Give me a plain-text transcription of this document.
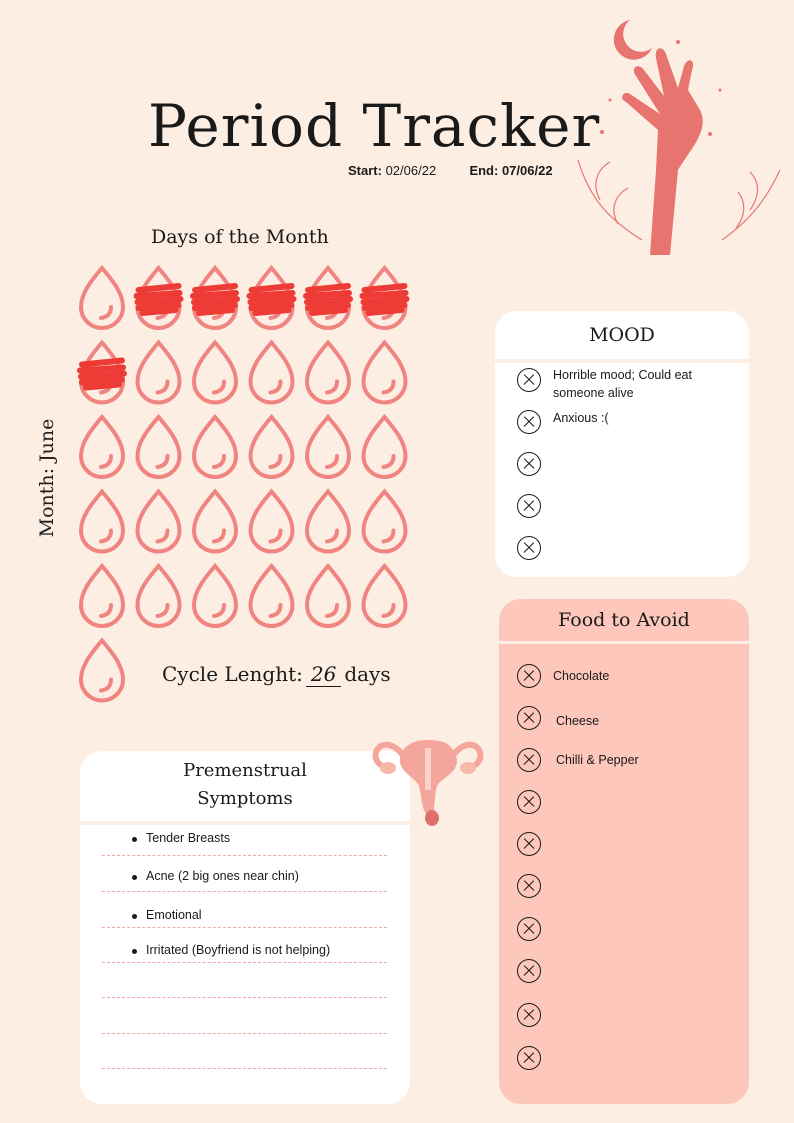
Period Tracker
Start: 02/06/22	End: 07/06/22
Days of the Month
Month: June
Cycle Lenght: 26 days
MOOD
Horrible mood; Could eat someone alive
Anxious :(
Food to Avoid
Chocolate
Cheese
Chilli & Pepper
Premenstrual
Symptoms
Tender Breasts
Acne (2 big ones near chin)
Emotional
Irritated (Boyfriend is not helping)
